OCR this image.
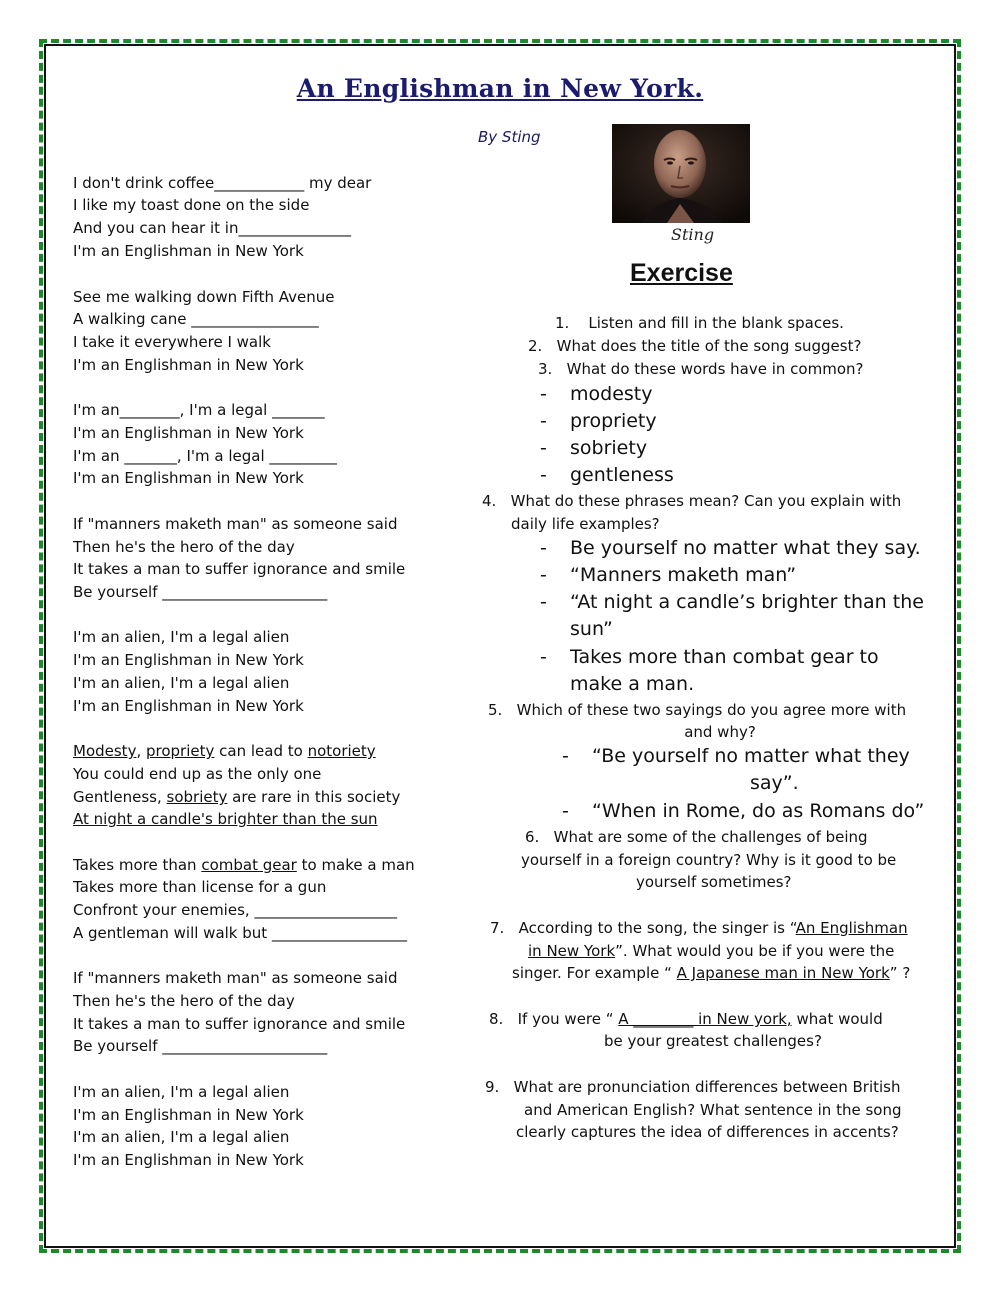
An Englishman in New York.
By Sting
Sting
I don't drink coffee____________ my dear
I like my toast done on the side
And you can hear it in_______________
I'm an Englishman in New York
See me walking down Fifth Avenue
A walking cane _________________
I take it everywhere I walk
I'm an Englishman in New York
I'm an________, I'm a legal _______
I'm an Englishman in New York
I'm an _______, I'm a legal _________
I'm an Englishman in New York
If "manners maketh man" as someone said
Then he's the hero of the day
It takes a man to suffer ignorance and smile
Be yourself ______________________
I'm an alien, I'm a legal alien
I'm an Englishman in New York
I'm an alien, I'm a legal alien
I'm an Englishman in New York
Modesty, propriety can lead to notoriety
You could end up as the only one
Gentleness, sobriety are rare in this society
At night a candle's brighter than the sun
Takes more than combat gear to make a man
Takes more than license for a gun
Confront your enemies, ___________________
A gentleman will walk but __________________
If "manners maketh man" as someone said
Then he's the hero of the day
It takes a man to suffer ignorance and smile
Be yourself ______________________
I'm an alien, I'm a legal alien
I'm an Englishman in New York
I'm an alien, I'm a legal alien
I'm an Englishman in New York
Exercise
1. Listen and fill in the blank spaces.
2. What does the title of the song suggest?
3. What do these words have in common?
- modesty
- propriety
- sobriety
- gentleness
4. What do these phrases mean? Can you explain with
daily life examples?
- Be yourself no matter what they say.
- “Manners maketh man”
- “At night a candle’s brighter than the
sun”
- Takes more than combat gear to
make a man.
5. Which of these two sayings do you agree more with
and why?
- “Be yourself no matter what they
say”.
- “When in Rome, do as Romans do”
6. What are some of the challenges of being
yourself in a foreign country? Why is it good to be
yourself sometimes?
7. According to the song, the singer is “An Englishman
in New York”. What would you be if you were the
singer. For example “ A Japanese man in New York” ?
8. If you were “ A ________ in New york, what would
be your greatest challenges?
9. What are pronunciation differences between British
and American English? What sentence in the song
clearly captures the idea of differences in accents?
